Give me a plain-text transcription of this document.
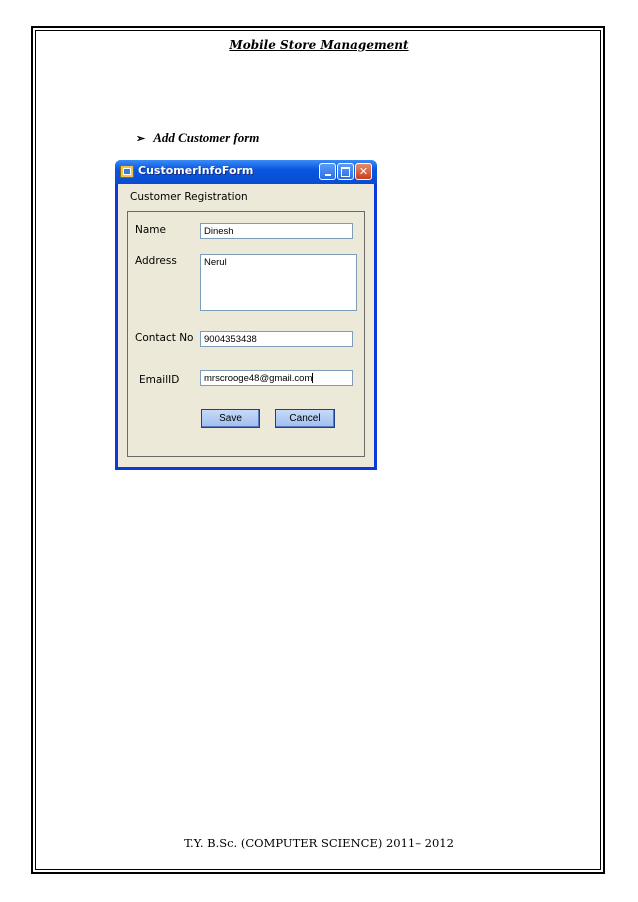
Mobile Store Management
➢ Add Customer form
CustomerInfoForm	✕
Customer Registration
Name	Dinesh
Address	Nerul
Contact No	9004353438
EmailID	mrscrooge48@gmail.com
Save	Cancel
T.Y. B.Sc. (COMPUTER SCIENCE) 2011– 2012
